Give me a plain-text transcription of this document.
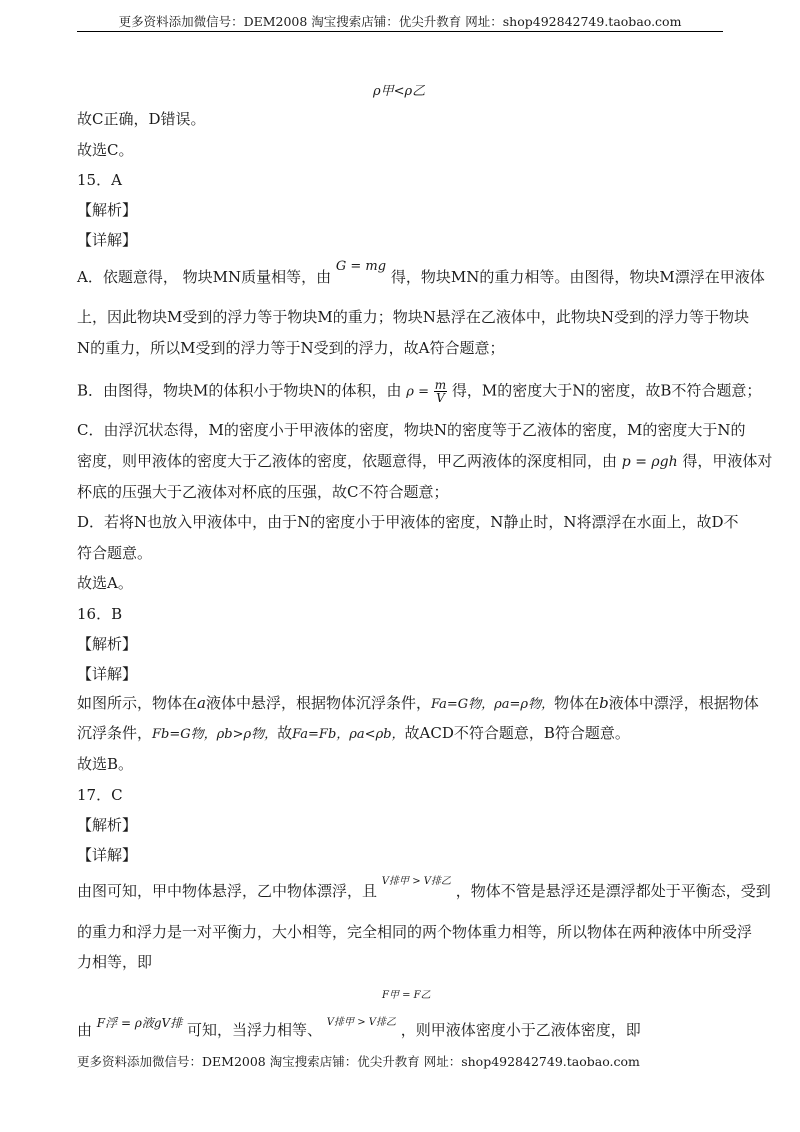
更多资料添加微信号：DEM2008 淘宝搜索店铺：优尖升教育 网址：shop492842749.taobao.com
ρ甲<ρ乙
故C正确，D错误。
故选C。
15．A
【解析】
【详解】
A．依题意得， 物块MN质量相等，由 G = mg 得，物块MN的重力相等。由图得，物块M漂浮在甲液体
上，因此物块M受到的浮力等于物块M的重力；物块N悬浮在乙液体中，此物块N受到的浮力等于物块
N的重力，所以M受到的浮力等于N受到的浮力，故A符合题意；
B．由图得，物块M的体积小于物块N的体积，由 $\rho = \frac{m}{V}$ 得，M的密度大于N的密度，故B不符合题意；
C．由浮沉状态得，M的密度小于甲液体的密度，物块N的密度等于乙液体的密度，M的密度大于N的
密度，则甲液体的密度大于乙液体的密度，依题意得，甲乙两液体的深度相同，由 p = ρgh 得，甲液体对
杯底的压强大于乙液体对杯底的压强，故C不符合题意；
D．若将N也放入甲液体中，由于N的密度小于甲液体的密度，N静止时，N将漂浮在水面上，故D不
符合题意。
故选A。
16．B
【解析】
【详解】
如图所示，物体在a液体中悬浮，根据物体沉浮条件，Fa=G物，ρa=ρ物，物体在b液体中漂浮，根据物体
沉浮条件，Fb=G物，ρb>ρ物，故Fa=Fb，ρa<ρb，故ACD不符合题意，B符合题意。
故选B。
17．C
【解析】
【详解】
由图可知，甲中物体悬浮，乙中物体漂浮，且 $^{V排甲 > V排乙}$ ，物体不管是悬浮还是漂浮都处于平衡态，受到
的重力和浮力是一对平衡力，大小相等，完全相同的两个物体重力相等，所以物体在两种液体中所受浮
力相等，即
F甲 = F乙
由 $^{F浮 = \rho 液gV排}$ 可知，当浮力相等、 $^{V排甲 > V排乙}$ ，则甲液体密度小于乙液体密度，即
更多资料添加微信号：DEM2008 淘宝搜索店铺：优尖升教育 网址：shop492842749.taobao.com
